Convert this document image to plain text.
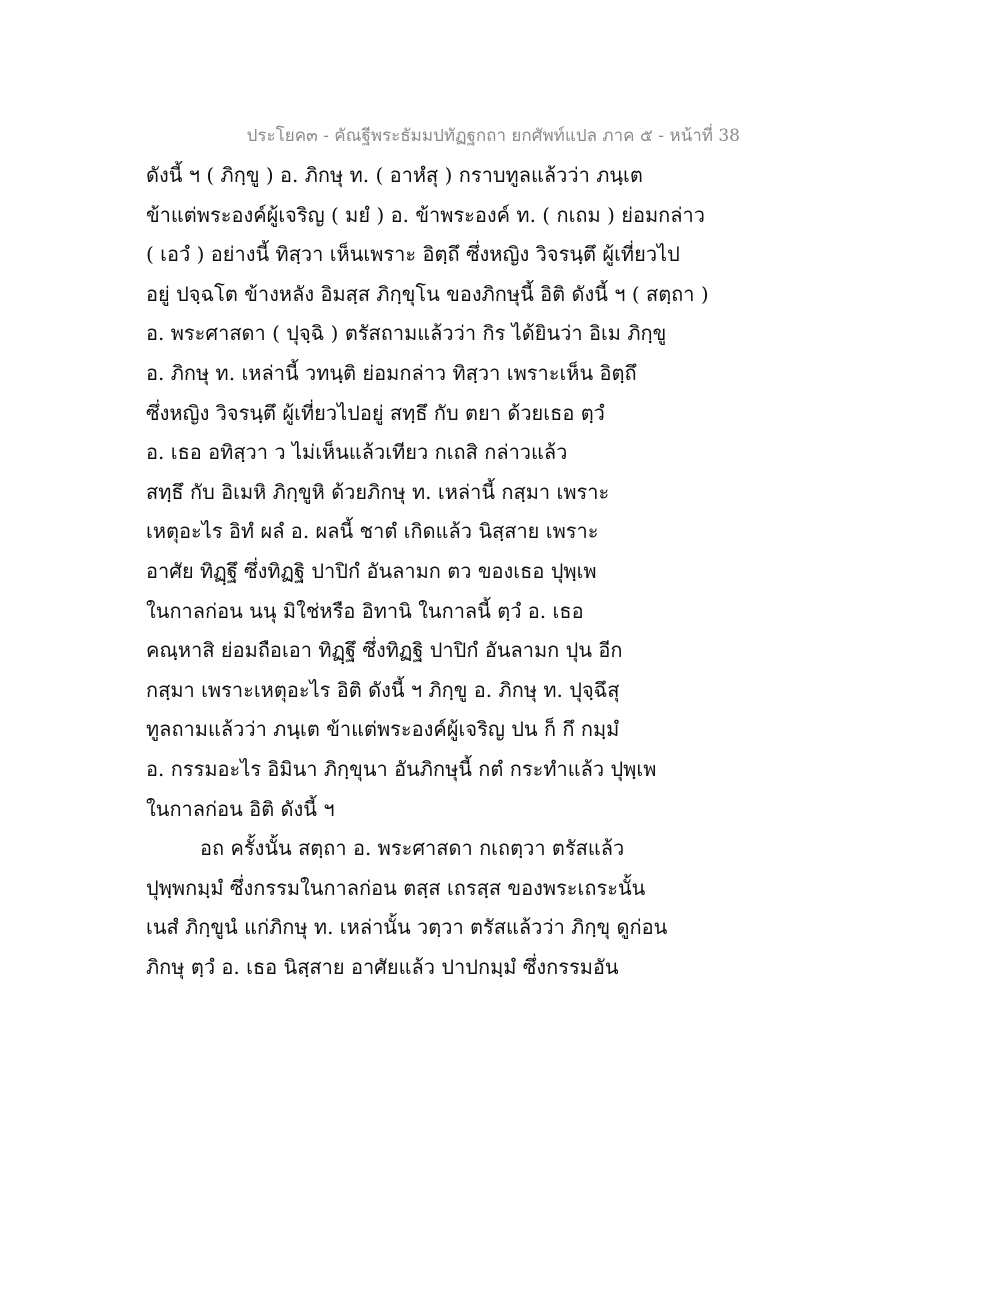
ประโยค๓ - คัณฐีพระธัมมปทัฏฐกถา ยกศัพท์แปล ภาค ๕ - หน้าที่ 38
ดังนี้ ฯ ( ภิกฺขู ) อ. ภิกษุ ท. ( อาหํสุ ) กราบทูลแล้วว่า ภนฺเต
ข้าแต่พระองค์ผู้เจริญ ( มยํ ) อ. ข้าพระองค์ ท. ( กเถม ) ย่อมกล่าว
( เอวํ ) อย่างนี้ ทิสฺวา เห็นเพราะ อิตฺถึ ซึ่งหญิง วิจรนฺตึ ผู้เที่ยวไป
อยู่ ปจฺฉโต ข้างหลัง อิมสฺส ภิกฺขุโน ของภิกษุนี้ อิติ ดังนี้ ฯ ( สตฺถา )
อ. พระศาสดา ( ปุจฺฉิ ) ตรัสถามแล้วว่า กิร ได้ยินว่า อิเม ภิกฺขู
อ. ภิกษุ ท. เหล่านี้ วทนฺติ ย่อมกล่าว ทิสฺวา เพราะเห็น อิตฺถึ
ซึ่งหญิง วิจรนฺตึ ผู้เที่ยวไปอยู่ สทฺธึ กับ ตยา ด้วยเธอ ตฺวํ
อ. เธอ อทิสฺวา ว ไม่เห็นแล้วเทียว กเถสิ กล่าวแล้ว
สทฺธึ กับ อิเมหิ ภิกฺขูหิ ด้วยภิกษุ ท. เหล่านี้ กสฺมา เพราะ
เหตุอะไร อิทํ ผลํ อ. ผลนี้ ชาตํ เกิดแล้ว นิสฺสาย เพราะ
อาศัย ทิฏฺฐึ ซึ่งทิฏฐิ ปาปิกํ อันลามก ตว ของเธอ ปุพฺเพ
ในกาลก่อน นนุ มิใช่หรือ อิทานิ ในกาลนี้ ตฺวํ อ. เธอ
คณฺหาสิ ย่อมถือเอา ทิฏฺฐึ ซึ่งทิฏฐิ ปาปิกํ อันลามก ปุน อีก
กสฺมา เพราะเหตุอะไร อิติ ดังนี้ ฯ ภิกฺขู อ. ภิกษุ ท. ปุจฺฉึสุ
ทูลถามแล้วว่า ภนฺเต ข้าแต่พระองค์ผู้เจริญ ปน ก็ กึ กมฺมํ
อ. กรรมอะไร อิมินา ภิกฺขุนา อันภิกษุนี้ กตํ กระทำแล้ว ปุพฺเพ
ในกาลก่อน อิติ ดังนี้ ฯ
อถ ครั้งนั้น สตฺถา อ. พระศาสดา กเถตฺวา ตรัสแล้ว
ปุพฺพกมฺมํ ซึ่งกรรมในกาลก่อน ตสฺส เถรสฺส ของพระเถระนั้น
เนสํ ภิกฺขูนํ แก่ภิกษุ ท. เหล่านั้น วตฺวา ตรัสแล้วว่า ภิกฺขุ ดูก่อน
ภิกษุ ตฺวํ อ. เธอ นิสฺสาย อาศัยแล้ว ปาปกมฺมํ ซึ่งกรรมอัน
